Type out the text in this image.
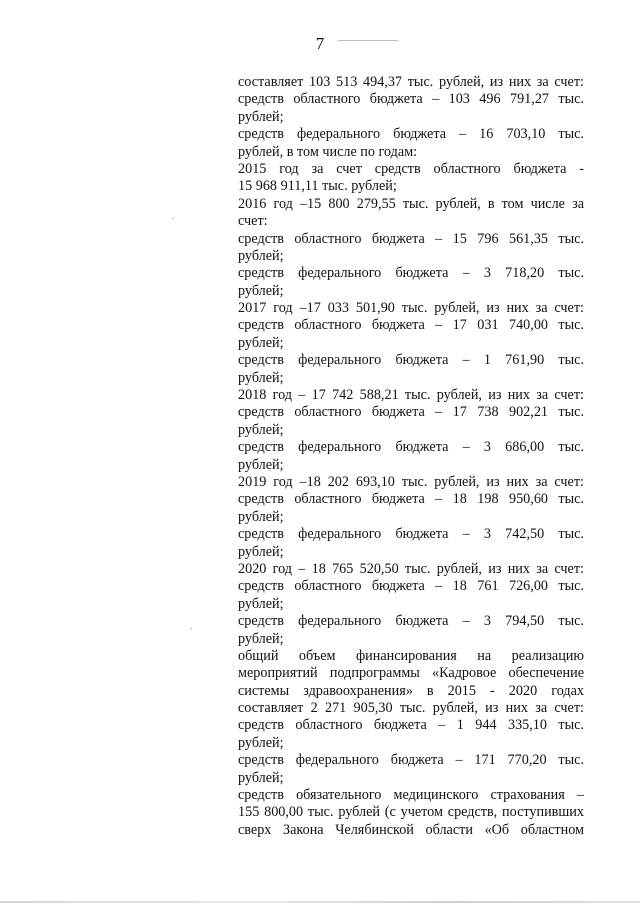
7
составляет 103 513 494,37 тыс. рублей, из них за счет:
средств областного бюджета – 103 496 791,27 тыс.
рублей;
средств федерального бюджета – 16 703,10 тыс.
рублей, в том числе по годам:
2015 год за счет средств областного бюджета -
15 968 911,11 тыс. рублей;
2016 год –15 800 279,55 тыс. рублей, в том числе за
счет:
средств областного бюджета – 15 796 561,35 тыс.
рублей;
средств федерального бюджета – 3 718,20 тыс.
рублей;
2017 год –17 033 501,90 тыс. рублей, из них за счет:
средств областного бюджета – 17 031 740,00 тыс.
рублей;
средств федерального бюджета – 1 761,90 тыс.
рублей;
2018 год – 17 742 588,21 тыс. рублей, из них за счет:
средств областного бюджета – 17 738 902,21 тыс.
рублей;
средств федерального бюджета – 3 686,00 тыс.
рублей;
2019 год –18 202 693,10 тыс. рублей, из них за счет:
средств областного бюджета – 18 198 950,60 тыс.
рублей;
средств федерального бюджета – 3 742,50 тыс.
рублей;
2020 год – 18 765 520,50 тыс. рублей, из них за счет:
средств областного бюджета – 18 761 726,00 тыс.
рублей;
средств федерального бюджета – 3 794,50 тыс.
рублей;
общий объем финансирования на реализацию
мероприятий подпрограммы «Кадровое обеспечение
системы здравоохранения» в 2015 - 2020 годах
составляет 2 271 905,30 тыс. рублей, из них за счет:
средств областного бюджета – 1 944 335,10 тыс.
рублей;
средств федерального бюджета – 171 770,20 тыс.
рублей;
средств обязательного медицинского страхования –
155 800,00 тыс. рублей (с учетом средств, поступивших
сверх Закона Челябинской области «Об областном
